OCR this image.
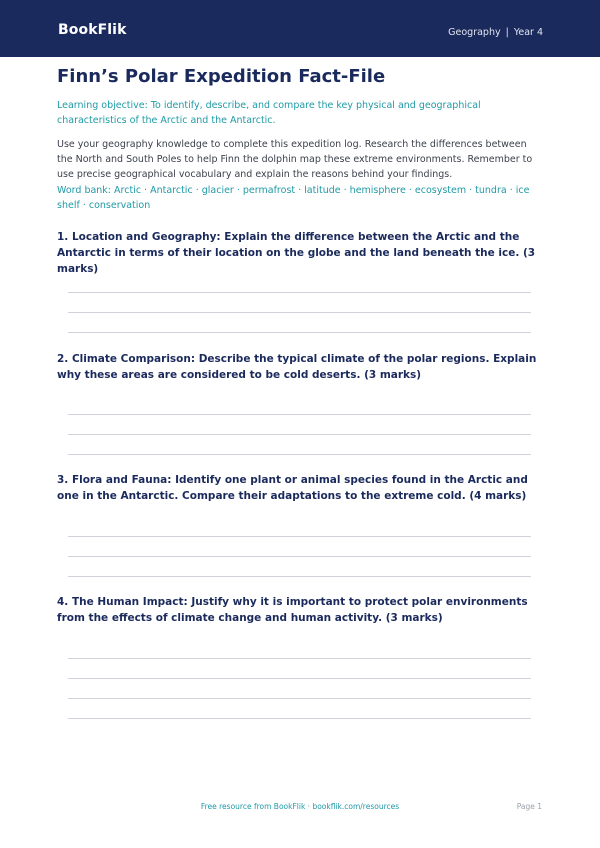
BookFlik	Geography | Year 4
Finn’s Polar Expedition Fact-File
Learning objective: To identify, describe, and compare the key physical and geographical characteristics of the Arctic and the Antarctic.
Use your geography knowledge to complete this expedition log. Research the differences between the North and South Poles to help Finn the dolphin map these extreme environments. Remember to use precise geographical vocabulary and explain the reasons behind your findings.
Word bank: Arctic · Antarctic · glacier · permafrost · latitude · hemisphere · ecosystem · tundra · ice shelf · conservation
1. Location and Geography: Explain the difference between the Arctic and the Antarctic in terms of their location on the globe and the land beneath the ice. (3 marks)
2. Climate Comparison: Describe the typical climate of the polar regions. Explain why these areas are considered to be cold deserts. (3 marks)
3. Flora and Fauna: Identify one plant or animal species found in the Arctic and one in the Antarctic. Compare their adaptations to the extreme cold. (4 marks)
4. The Human Impact: Justify why it is important to protect polar environments from the effects of climate change and human activity. (3 marks)
Free resource from BookFlik · bookflik.com/resources	Page 1
